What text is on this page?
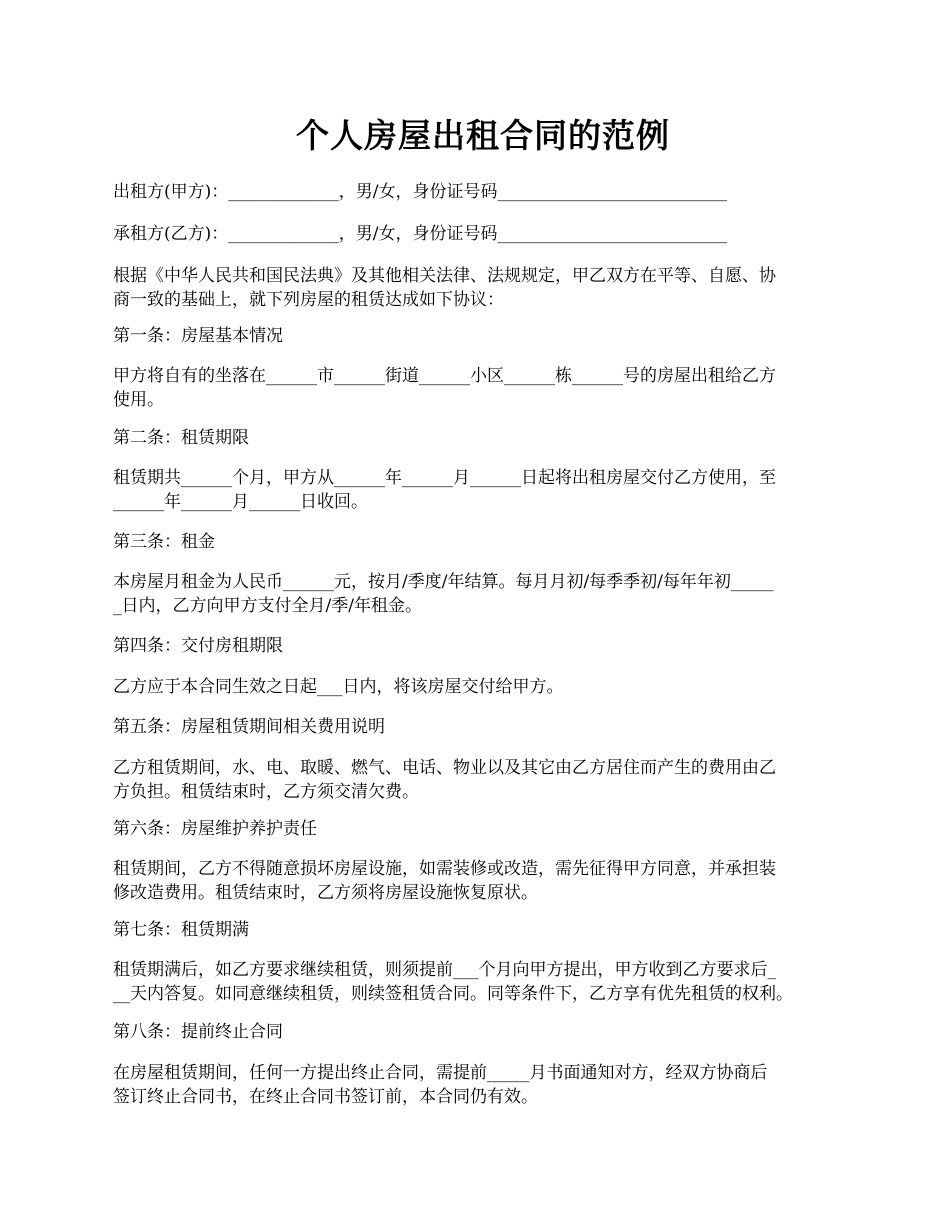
个人房屋出租合同的范例

出租方(甲方)：_____________，男/女，身份证号码___________________________

承租方(乙方)：_____________，男/女，身份证号码___________________________

根据《中华人民共和国民法典》及其他相关法律、法规规定，甲乙双方在平等、自愿、协
商一致的基础上，就下列房屋的租赁达成如下协议：

第一条：房屋基本情况

甲方将自有的坐落在______市______街道______小区______栋______号的房屋出租给乙方
使用。

第二条：租赁期限

租赁期共______个月，甲方从______年______月______日起将出租房屋交付乙方使用，至
______年______月______日收回。

第三条：租金

本房屋月租金为人民币______元，按月/季度/年结算。每月月初/每季季初/每年年初_____
_日内，乙方向甲方支付全月/季/年租金。

第四条：交付房租期限

乙方应于本合同生效之日起___日内，将该房屋交付给甲方。

第五条：房屋租赁期间相关费用说明

乙方租赁期间，水、电、取暖、燃气、电话、物业以及其它由乙方居住而产生的费用由乙
方负担。租赁结束时，乙方须交清欠费。

第六条：房屋维护养护责任

租赁期间，乙方不得随意损坏房屋设施，如需装修或改造，需先征得甲方同意，并承担装
修改造费用。租赁结束时，乙方须将房屋设施恢复原状。

第七条：租赁期满

租赁期满后，如乙方要求继续租赁，则须提前___个月向甲方提出，甲方收到乙方要求后_
__天内答复。如同意继续租赁，则续签租赁合同。同等条件下，乙方享有优先租赁的权利。

第八条：提前终止合同

在房屋租赁期间，任何一方提出终止合同，需提前_____月书面通知对方，经双方协商后
签订终止合同书，在终止合同书签订前，本合同仍有效。
